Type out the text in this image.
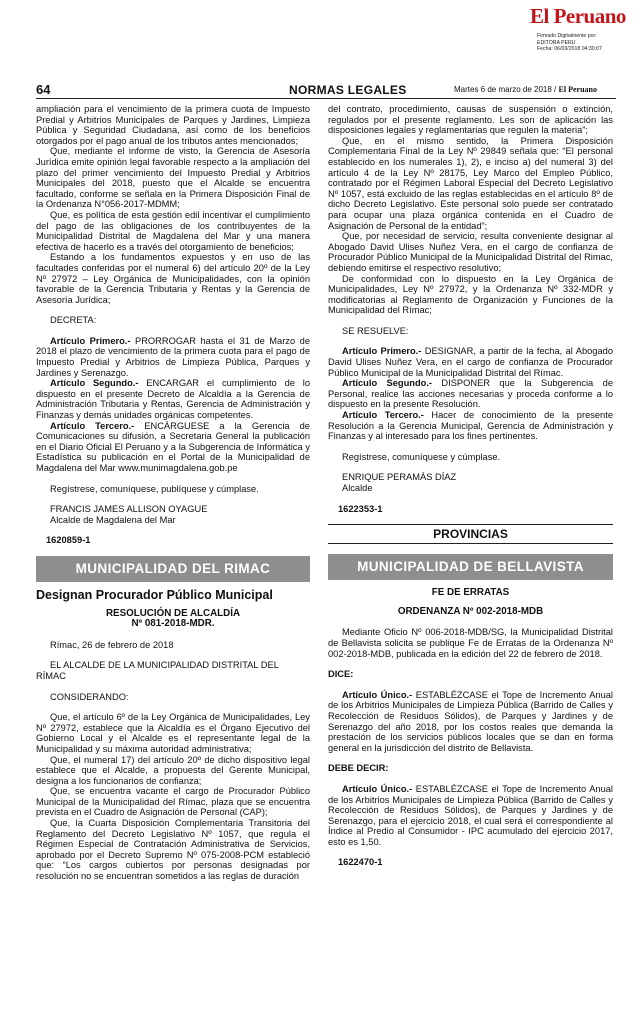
El Peruano
Firmado Digitalmente por:
EDITORA PERU
Fecha: 06/03/2018 04:30:07
64	NORMAS LEGALES	Martes 6 de marzo de 2018 / El Peruano

ampliación para el vencimiento de la primera cuota de Impuesto Predial y Arbitrios Municipales de Parques y Jardines, Limpieza Pública y Seguridad Ciudadana, así como de los beneficios otorgados por el pago anual de los tributos antes mencionados;

Que, mediante el informe de visto, la Gerencia de Asesoría Jurídica emite opinión legal favorable respecto a la ampliación del plazo del primer vencimiento del Impuesto Predial y Arbitrios Municipales del 2018, puesto que el Alcalde se encuentra facultado, conforme se señala en la Primera Disposición Final de la Ordenanza N°056-2017-MDMM;

Que, es política de esta gestión edil incentivar el cumplimiento del pago de las obligaciones de los contribuyentes de la Municipalidad Distrital de Magdalena del Mar y una manera efectiva de hacerlo es a través del otorgamiento de beneficios;

Estando a los fundamentos expuestos y en uso de las facultades conferidas por el numeral 6) del artículo 20º de la Ley Nº 27972 – Ley Orgánica de Municipalidades, con la opinión favorable de la Gerencia Tributaria y Rentas y la Gerencia de Asesoría Jurídica;

DECRETA:

Artículo Primero.- PRORROGAR hasta el 31 de Marzo de 2018 el plazo de vencimiento de la primera cuota para el pago de Impuesto Predial y Arbitrios de Limpieza Pública, Parques y Jardines y Serenazgo.

Artículo Segundo.- ENCARGAR el cumplimiento de lo dispuesto en el presente Decreto de Alcaldía a la Gerencia de Administración Tributaria y Rentas, Gerencia de Administración y Finanzas y demás unidades orgánicas competentes.

Artículo Tercero.- ENCÁRGUESE a la Gerencia de Comunicaciones su difusión, a Secretaria General la publicación en el Diario Oficial El Peruano y a la Subgerencia de Informática y Estadística su publicación en el Portal de la Municipalidad de Magdalena del Mar www.munimagdalena.gob.pe

Regístrese, comuníquese, publíquese y cúmplase.

FRANCIS JAMES ALLISON OYAGUE

Alcalde de Magdalena del Mar

1620859-1

MUNICIPALIDAD DEL RIMAC
Designan Procurador Público Municipal
RESOLUCIÓN DE ALCALDÍA
Nº 081-2018-MDR.

Rímac, 26 de febrero de 2018

EL ALCALDE DE LA MUNICIPALIDAD DISTRITAL DEL RÍMAC

CONSIDERANDO:

Que, el artículo 6º de la Ley Orgánica de Municipalidades, Ley Nº 27972, establece que la Alcaldía es el Órgano Ejecutivo del Gobierno Local y el Alcalde es el representante legal de la Municipalidad y su máxima autoridad administrativa;

Que, el numeral 17) del artículo 20º de dicho dispositivo legal establece que el Alcalde, a propuesta del Gerente Municipal, designa a los funcionarios de confianza;

Que, se encuentra vacante el cargo de Procurador Público Municipal de la Municipalidad del Rímac, plaza que se encuentra prevista en el Cuadro de Asignación de Personal (CAP);

Que, la Cuarta Disposición Complementaria Transitoria del Reglamento del Decreto Legislativo Nº 1057, que regula el Régimen Especial de Contratación Administrativa de Servicios, aprobado por el Decreto Supremo Nº 075-2008-PCM estableció que: “Los cargos cubiertos por personas designadas por resolución no se encuentran sometidos a las reglas de duración

del contrato, procedimiento, causas de suspensión o extinción, regulados por el presente reglamento. Les son de aplicación las disposiciones legales y reglamentarias que regulen la materia”;

Que, en el mismo sentido, la Primera Disposición Complementaria Final de la Ley Nº 29849 señala que: “El personal establecido en los numerales 1), 2), e inciso a) del numeral 3) del artículo 4 de la Ley Nº 28175, Ley Marco del Empleo Público, contratado por el Régimen Laboral Especial del Decreto Legislativo Nº 1057, está excluido de las reglas establecidas en el artículo 8º de dicho Decreto Legislativo. Este personal solo puede ser contratado para ocupar una plaza orgánica contenida en el Cuadro de Asignación de Personal de la entidad”;

Que, por necesidad de servicio, resulta conveniente designar al Abogado David Ulises Nuñez Vera, en el cargo de confianza de Procurador Público Municipal de la Municipalidad Distrital del Rimac, debiendo emitirse el respectivo resolutivo;

De conformidad con lo dispuesto en la Ley Orgánica de Municipalidades, Ley Nº 27972, y la Ordenanza Nº 332-MDR y modificatorias al Reglamento de Organización y Funciones de la Municipalidad del Rímac;

SE RESUELVE:

Artículo Primero.- DESIGNAR, a partir de la fecha, al Abogado David Ulises Nuñez Vera, en el cargo de confianza de Procurador Público Municipal de la Municipalidad Distrital del Rímac.

Artículo Segundo.- DISPONER que la Subgerencia de Personal, realice las acciones necesarias y proceda conforme a lo dispuesto en la presente Resolución.

Artículo Tercero.- Hacer de conocimiento de la presente Resolución a la Gerencia Municipal, Gerencia de Administración y Finanzas y al interesado para los fines pertinentes.

Regístrese, comuníquese y cúmplase.

ENRIQUE PERAMÁS DÍAZ

Alcalde

1622353-1

PROVINCIAS
MUNICIPALIDAD DE BELLAVISTA
FE DE ERRATAS
ORDENANZA Nº 002-2018-MDB

Mediante Oficio Nº 006-2018-MDB/SG, la Municipalidad Distrital de Bellavista solicita se publique Fe de Erratas de la Ordenanza Nº 002-2018-MDB, publicada en la edición del 22 de febrero de 2018.

DICE:

Artículo Único.- ESTABLÉZCASE el Tope de Incremento Anual de los Arbitrios Municipales de Limpieza Pública (Barrido de Calles y Recolección de Residuos Sólidos), de Parques y Jardines y de Serenazgo del año 2018, por los costos reales que demanda la prestación de los servicios públicos locales que se dan en forma general en la jurisdicción del distrito de Bellavista.

DEBE DECIR:

Artículo Único.- ESTABLÉZCASE el Tope de Incremento Anual de los Arbitrios Municipales de Limpieza Pública (Barrido de Calles y Recolección de Residuos Sólidos), de Parques y Jardines y de Serenazgo, para el ejercicio 2018, el cual será el correspondiente al Índice al Predio al Consumidor - IPC acumulado del ejercicio 2017, esto es 1,50.

1622470-1
